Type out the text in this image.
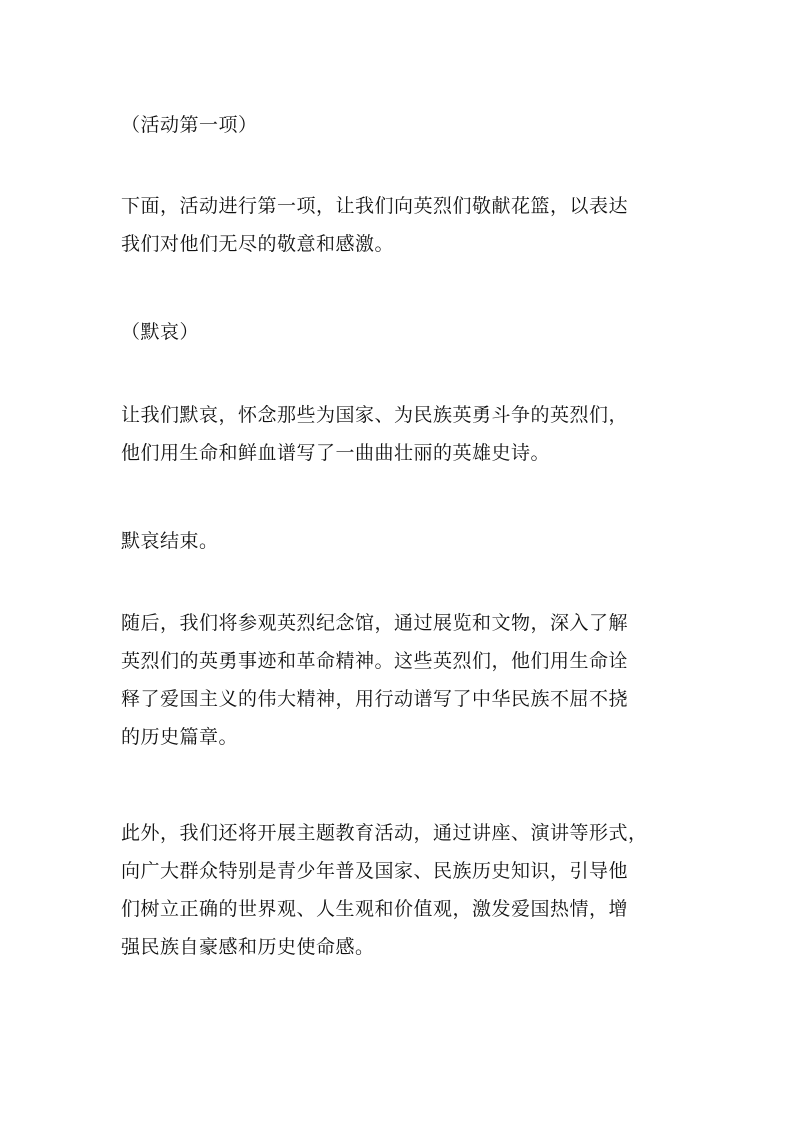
（活动第一项）

下面，活动进行第一项，让我们向英烈们敬献花篮，以表达
我们对他们无尽的敬意和感激。

（默哀）

让我们默哀，怀念那些为国家、为民族英勇斗争的英烈们，
他们用生命和鲜血谱写了一曲曲壮丽的英雄史诗。

默哀结束。

随后，我们将参观英烈纪念馆，通过展览和文物，深入了解
英烈们的英勇事迹和革命精神。这些英烈们，他们用生命诠
释了爱国主义的伟大精神，用行动谱写了中华民族不屈不挠
的历史篇章。

此外，我们还将开展主题教育活动，通过讲座、演讲等形式，
向广大群众特别是青少年普及国家、民族历史知识，引导他
们树立正确的世界观、人生观和价值观，激发爱国热情，增
强民族自豪感和历史使命感。
